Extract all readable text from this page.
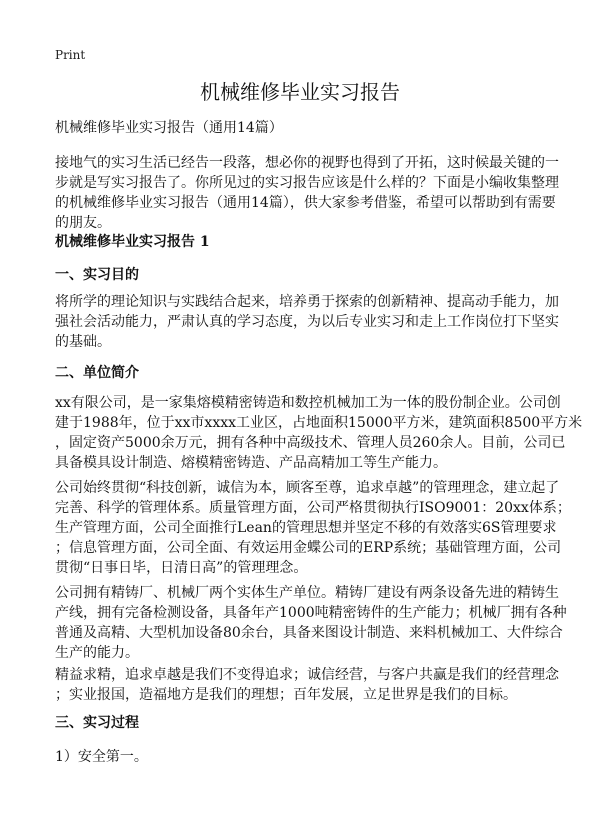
Print
机械维修毕业实习报告
机械维修毕业实习报告（通用14篇）
接地气的实习生活已经告一段落，想必你的视野也得到了开拓，这时候最关键的一
步就是写实习报告了。你所见过的实习报告应该是什么样的？下面是小编收集整理
的机械维修毕业实习报告（通用14篇），供大家参考借鉴，希望可以帮助到有需要
的朋友。
机械维修毕业实习报告 1
一、实习目的
将所学的理论知识与实践结合起来，培养勇于探索的创新精神、提高动手能力，加
强社会活动能力，严肃认真的学习态度，为以后专业实习和走上工作岗位打下坚实
的基础。
二、单位简介
xx有限公司，是一家集熔模精密铸造和数控机械加工为一体的股份制企业。公司创
建于1988年，位于xx市xxxx工业区，占地面积15000平方米，建筑面积8500平方米
，固定资产5000余万元，拥有各种中高级技术、管理人员260余人。目前，公司已
具备模具设计制造、熔模精密铸造、产品高精加工等生产能力。
公司始终贯彻“科技创新，诚信为本，顾客至尊，追求卓越”的管理理念，建立起了
完善、科学的管理体系。质量管理方面，公司严格贯彻执行ISO9001：20xx体系；
生产管理方面，公司全面推行Lean的管理思想并坚定不移的有效落实6S管理要求
；信息管理方面，公司全面、有效运用金蝶公司的ERP系统；基础管理方面，公司
贯彻“日事日毕，日清日高”的管理理念。
公司拥有精铸厂、机械厂两个实体生产单位。精铸厂建设有两条设备先进的精铸生
产线，拥有完备检测设备，具备年产1000吨精密铸件的生产能力；机械厂拥有各种
普通及高精、大型机加设备80余台，具备来图设计制造、来料机械加工、大件综合
生产的能力。
精益求精，追求卓越是我们不变得追求；诚信经营，与客户共赢是我们的经营理念
；实业报国，造福地方是我们的理想；百年发展，立足世界是我们的目标。
三、实习过程
1）安全第一。
